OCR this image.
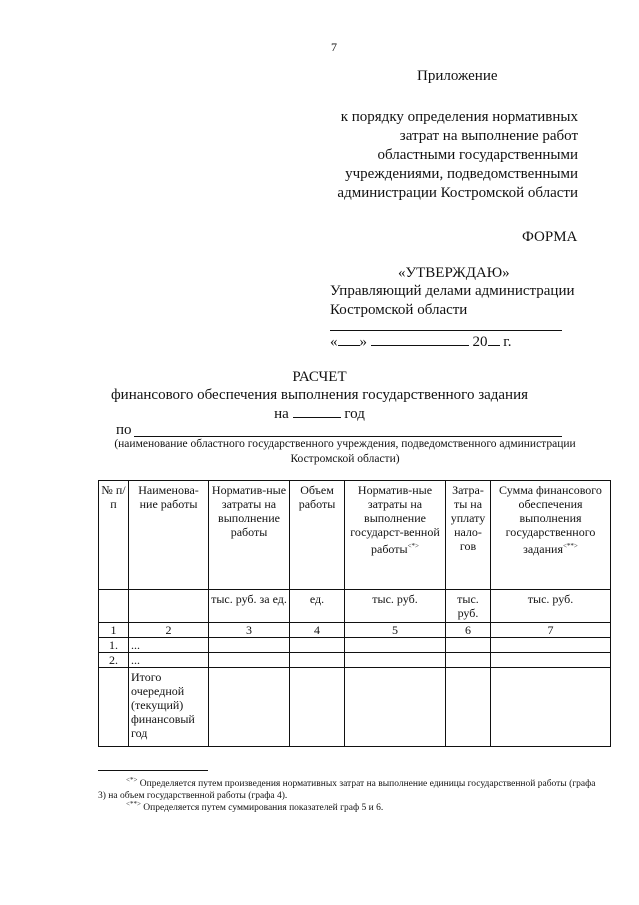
7
Приложение
к порядку определения нормативных
затрат на выполнение работ
областными государственными
учреждениями, подведомственными
администрации Костромской области
ФОРМА
«УТВЕРЖДАЮ»
Управляющий делами администрации
Костромской области
« »	20 г.
РАСЧЕТ
финансового обеспечения выполнения государственного задания
на	год
по
(наименование областного государственного учреждения, подведомственного администрации Костромской области)
№ п/п	Наименова-ние работы	Норматив-ные затраты на выполнение работы	Объем работы	Норматив-ные затраты на выполнение государст-венной работы<*>	Затра-ты на уплату нало-гов	Сумма финансового обеспечения выполнения государственного задания<**>
		тыс. руб. за ед.	ед.	тыс. руб.	тыс. руб.	тыс. руб.
1	2	3	4	5	6	7
1.	...					
2.	...					
	Итого очередной (текущий) финансовый год					
<*> Определяется путем произведения нормативных затрат на выполнение единицы государственной работы (графа 3) на объем государственной работы (графа 4).
<**> Определяется путем суммирования показателей граф 5 и 6.
